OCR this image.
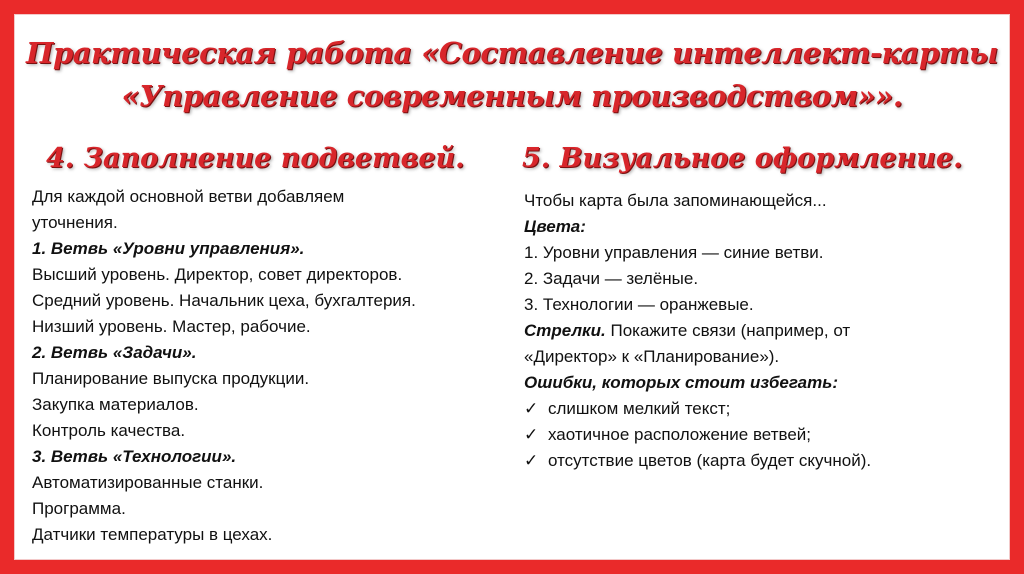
Практическая работа «Составление интеллект-карты
«Управление современным производством»».
4. Заполнение подветвей. 5. Визуальное оформление.
Для каждой основной ветви добавляем
уточнения.
1. Ветвь «Уровни управления».
Высший уровень. Директор, совет директоров.
Средний уровень. Начальник цеха, бухгалтерия.
Низший уровень. Мастер, рабочие.
2. Ветвь «Задачи».
Планирование выпуска продукции.
Закупка материалов.
Контроль качества.
3. Ветвь «Технологии».
Автоматизированные станки.
Программа.
Датчики температуры в цехах.
Чтобы карта была запоминающейся...
Цвета:
1. Уровни управления — синие ветви.
2. Задачи — зелёные.
3. Технологии — оранжевые.
Стрелки. Покажите связи (например, от
«Директор» к «Планирование»).
Ошибки, которых стоит избегать:
✓ слишком мелкий текст;
✓ хаотичное расположение ветвей;
✓ отсутствие цветов (карта будет скучной).
